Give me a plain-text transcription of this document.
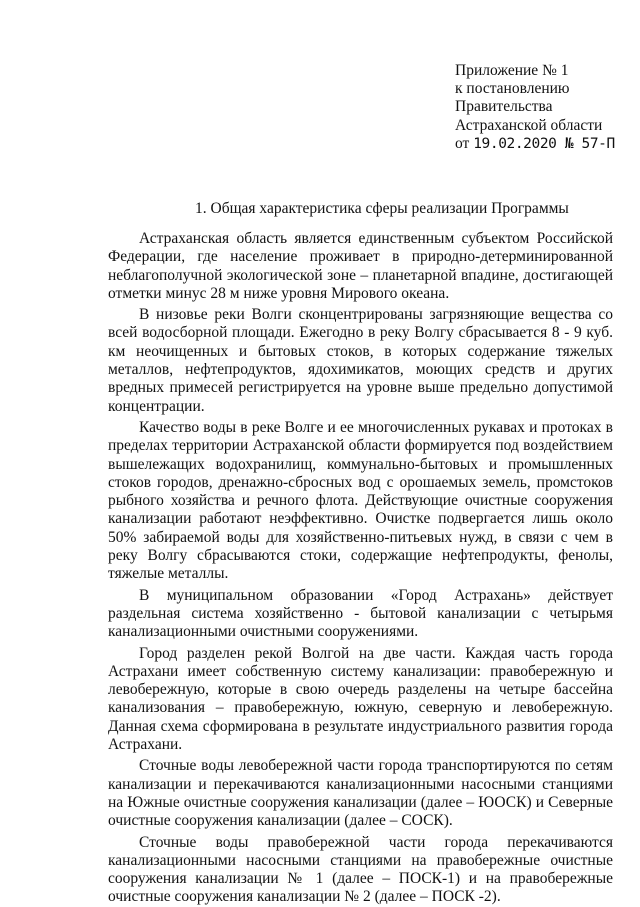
Приложение № 1
к постановлению
Правительства
Астраханской области
от 19.02.2020 № 57-П
1. Общая характеристика сферы реализации Программы

Астраханская область является единственным субъектом Российской Федерации, где население проживает в природно-детерминированной неблагополучной экологической зоне – планетарной впадине, достигающей отметки минус 28 м ниже уровня Мирового океана.

В низовье реки Волги сконцентрированы загрязняющие вещества со всей водосборной площади. Ежегодно в реку Волгу сбрасывается 8 - 9 куб. км неочищенных и бытовых стоков, в которых содержание тяжелых металлов, нефтепродуктов, ядохимикатов, моющих средств и других вредных примесей регистрируется на уровне выше предельно допустимой концентрации.

Качество воды в реке Волге и ее многочисленных рукавах и протоках в пределах территории Астраханской области формируется под воздействием вышележащих водохранилищ, коммунально-бытовых и промышленных стоков городов, дренажно-сбросных вод с орошаемых земель, промстоков рыбного хозяйства и речного флота. Действующие очистные сооружения канализации работают неэффективно. Очистке подвергается лишь около 50% забираемой воды для хозяйственно-питьевых нужд, в связи с чем в реку Волгу сбрасываются стоки, содержащие нефтепродукты, фенолы, тяжелые металлы.

В муниципальном образовании «Город Астрахань» действует раздельная система хозяйственно - бытовой канализации с четырьмя канализационными очистными сооружениями.

Город разделен рекой Волгой на две части. Каждая часть города Астрахани имеет собственную систему канализации: правобережную и левобережную, которые в свою очередь разделены на четыре бассейна канализования – правобережную, южную, северную и левобережную. Данная схема сформирована в результате индустриального развития города Астрахани.

Сточные воды левобережной части города транспортируются по сетям канализации и перекачиваются канализационными насосными станциями на Южные очистные сооружения канализации (далее – ЮОСК) и Северные очистные сооружения канализации (далее – СОСК).

Сточные воды правобережной части города перекачиваются канализационными насосными станциями на правобережные очистные сооружения канализации № 1 (далее – ПОСК-1) и на правобережные очистные сооружения канализации № 2 (далее – ПОСК -2).
